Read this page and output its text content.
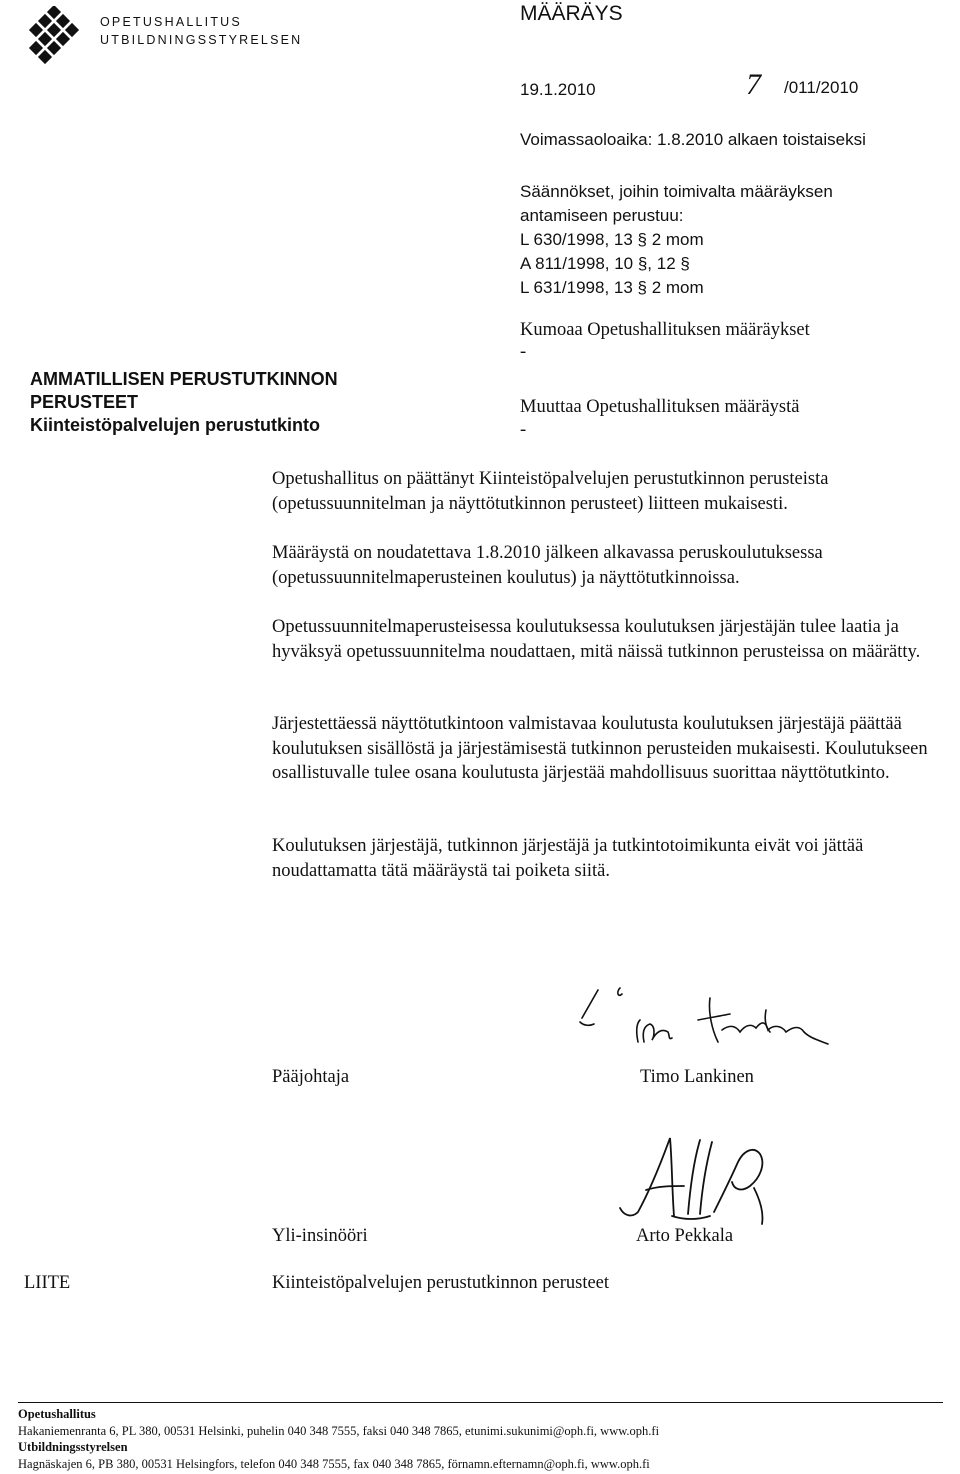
OPETUSHALLITUS
UTBILDNINGSSTYRELSEN
MÄÄRÄYS
19.1.2010	7 /011/2010
Voimassaoloaika: 1.8.2010 alkaen toistaiseksi
Säännökset, joihin toimivalta määräyksen
antamiseen perustuu:
L 630/1998, 13 § 2 mom
A 811/1998, 10 §, 12 §
L 631/1998, 13 § 2 mom
AMMATILLISEN PERUSTUTKINNON
PERUSTEET
Kiinteistöpalvelujen perustutkinto
Kumoaa Opetushallituksen määräykset
-
Muuttaa Opetushallituksen määräystä
-

Opetushallitus on päättänyt Kiinteistöpalvelujen perustutkinnon perusteista (opetussuunnitelman ja näyttötutkinnon perusteet) liitteen mukaisesti.

Määräystä on noudatettava 1.8.2010 jälkeen alkavassa peruskoulutuksessa (opetussuunnitelmaperusteinen koulutus) ja näyttötutkinnoissa.

Opetussuunnitelmaperusteisessa koulutuksessa koulutuksen järjestäjän tulee laatia ja hyväksyä opetussuunnitelma noudattaen, mitä näissä tutkinnon perusteissa on määrätty.

Järjestettäessä näyttötutkintoon valmistavaa koulutusta koulutuksen järjestäjä päättää koulutuksen sisällöstä ja järjestämisestä tutkinnon perusteiden mukaisesti. Koulutukseen osallistuvalle tulee osana koulutusta järjestää mahdollisuus suorittaa näyttötutkinto.

Koulutuksen järjestäjä, tutkinnon järjestäjä ja tutkintotoimikunta eivät voi jättää noudattamatta tätä määräystä tai poiketa siitä.

Pääjohtaja	Timo Lankinen
Yli-insinööri	Arto Pekkala
LIITE	Kiinteistöpalvelujen perustutkinnon perusteet
Opetushallitus
Hakaniemenranta 6, PL 380, 00531 Helsinki, puhelin 040 348 7555, faksi 040 348 7865, etunimi.sukunimi@oph.fi, www.oph.fi
Utbildningsstyrelsen
Hagnäskajen 6, PB 380, 00531 Helsingfors, telefon 040 348 7555, fax 040 348 7865, förnamn.efternamn@oph.fi, www.oph.fi
